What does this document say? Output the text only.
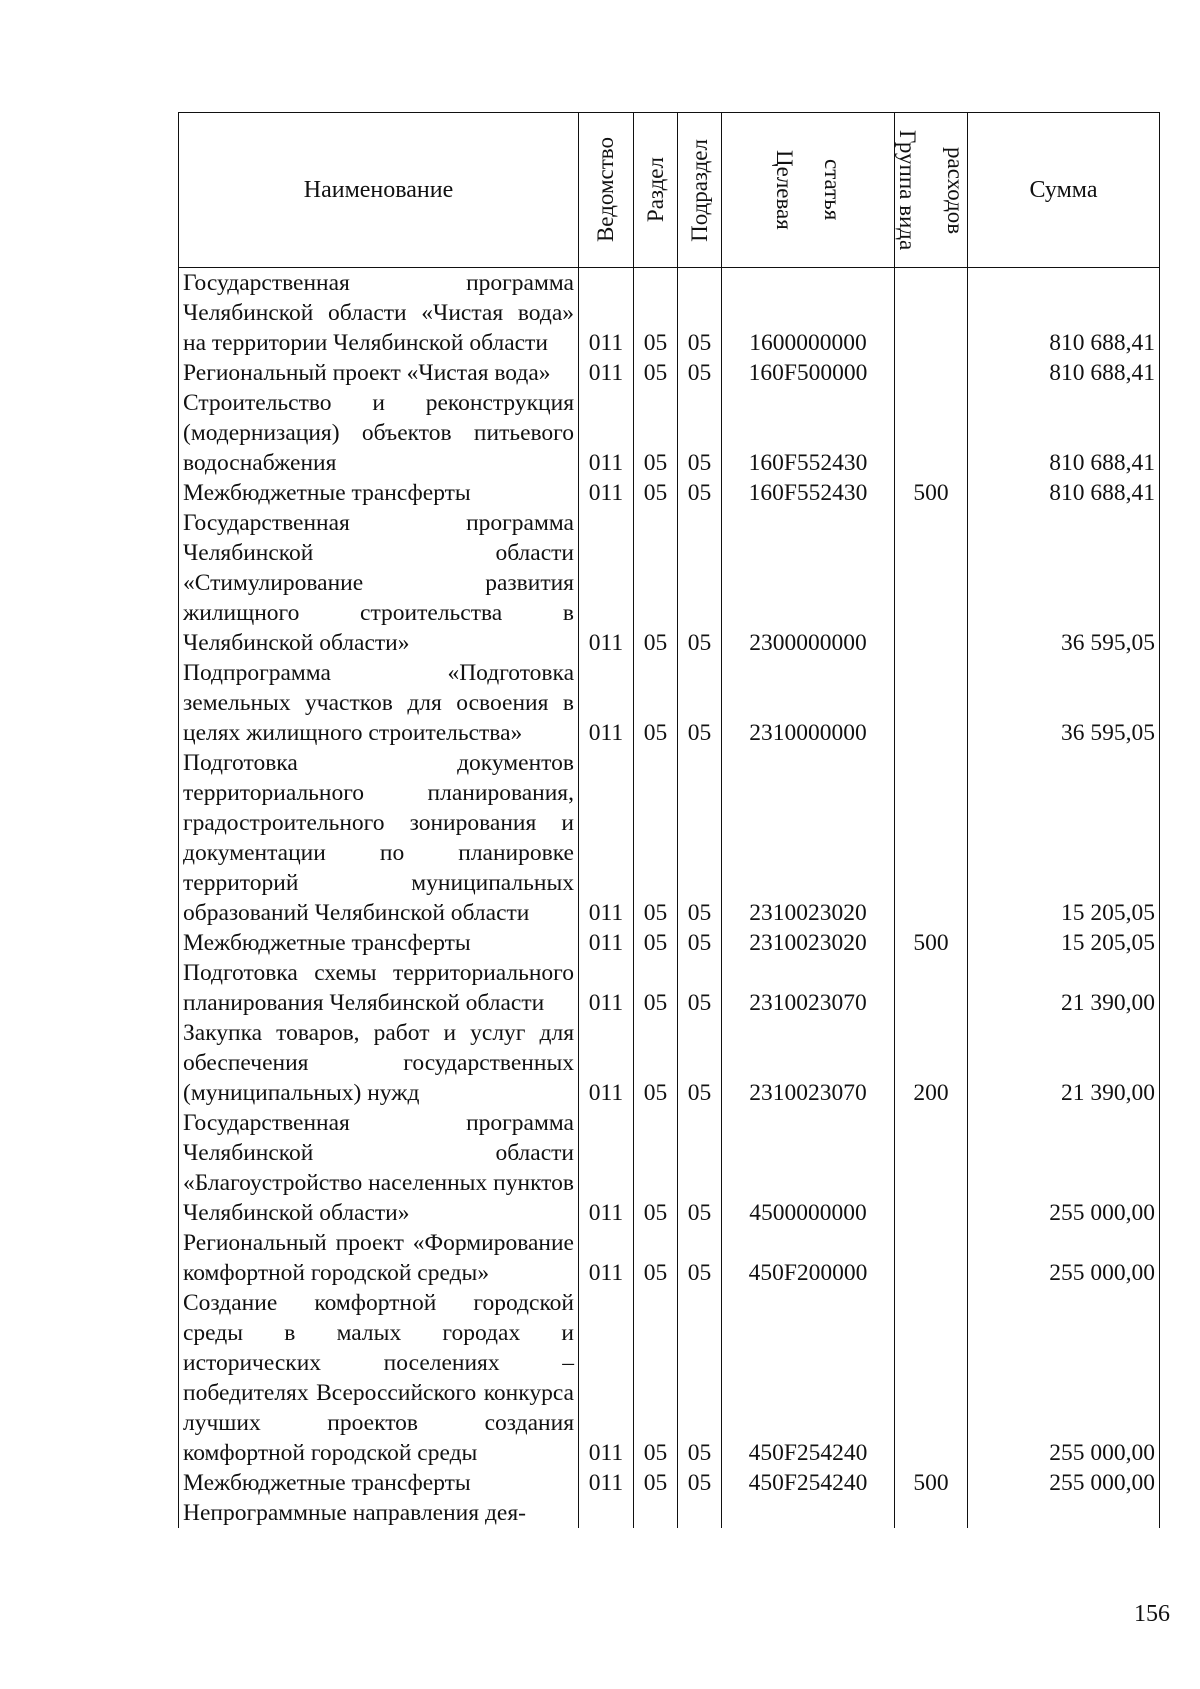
Наименование	Ведомство	Раздел	Подраздел	Целевая статья	Группа вида расходов	Сумма
Государственная программа Челябинской области «Чистая вода» на территории Челябинской области	011	05	05	1600000000		810 688,41
Региональный проект «Чистая вода»	011	05	05	160F500000		810 688,41
Строительство и реконструкция (модернизация) объектов питьевого водоснабжения	011	05	05	160F552430		810 688,41
Межбюджетные трансферты	011	05	05	160F552430	500	810 688,41
Государственная программа Челябинской области «Стимулирование развития жилищного строительства в Челябинской области»	011	05	05	2300000000		36 595,05
Подпрограмма «Подготовка земельных участков для освоения в целях жилищного строительства»	011	05	05	2310000000		36 595,05
Подготовка документов территориального планирования, градостроительного зонирования и документации по планировке территорий муниципальных образований Челябинской области	011	05	05	2310023020		15 205,05
Межбюджетные трансферты	011	05	05	2310023020	500	15 205,05
Подготовка схемы территориального планирования Челябинской области	011	05	05	2310023070		21 390,00
Закупка товаров, работ и услуг для обеспечения государственных (муниципальных) нужд	011	05	05	2310023070	200	21 390,00
Государственная программа Челябинской области «Благоустройство населенных пунктов Челябинской области»	011	05	05	4500000000		255 000,00
Региональный проект «Формирование комфортной городской среды»	011	05	05	450F200000		255 000,00
Создание комфортной городской среды в малых городах и исторических поселениях – победителях Всероссийского конкурса лучших проектов создания комфортной городской среды	011	05	05	450F254240		255 000,00
Межбюджетные трансферты	011	05	05	450F254240	500	255 000,00
Непрограммные направления дея-						
156
